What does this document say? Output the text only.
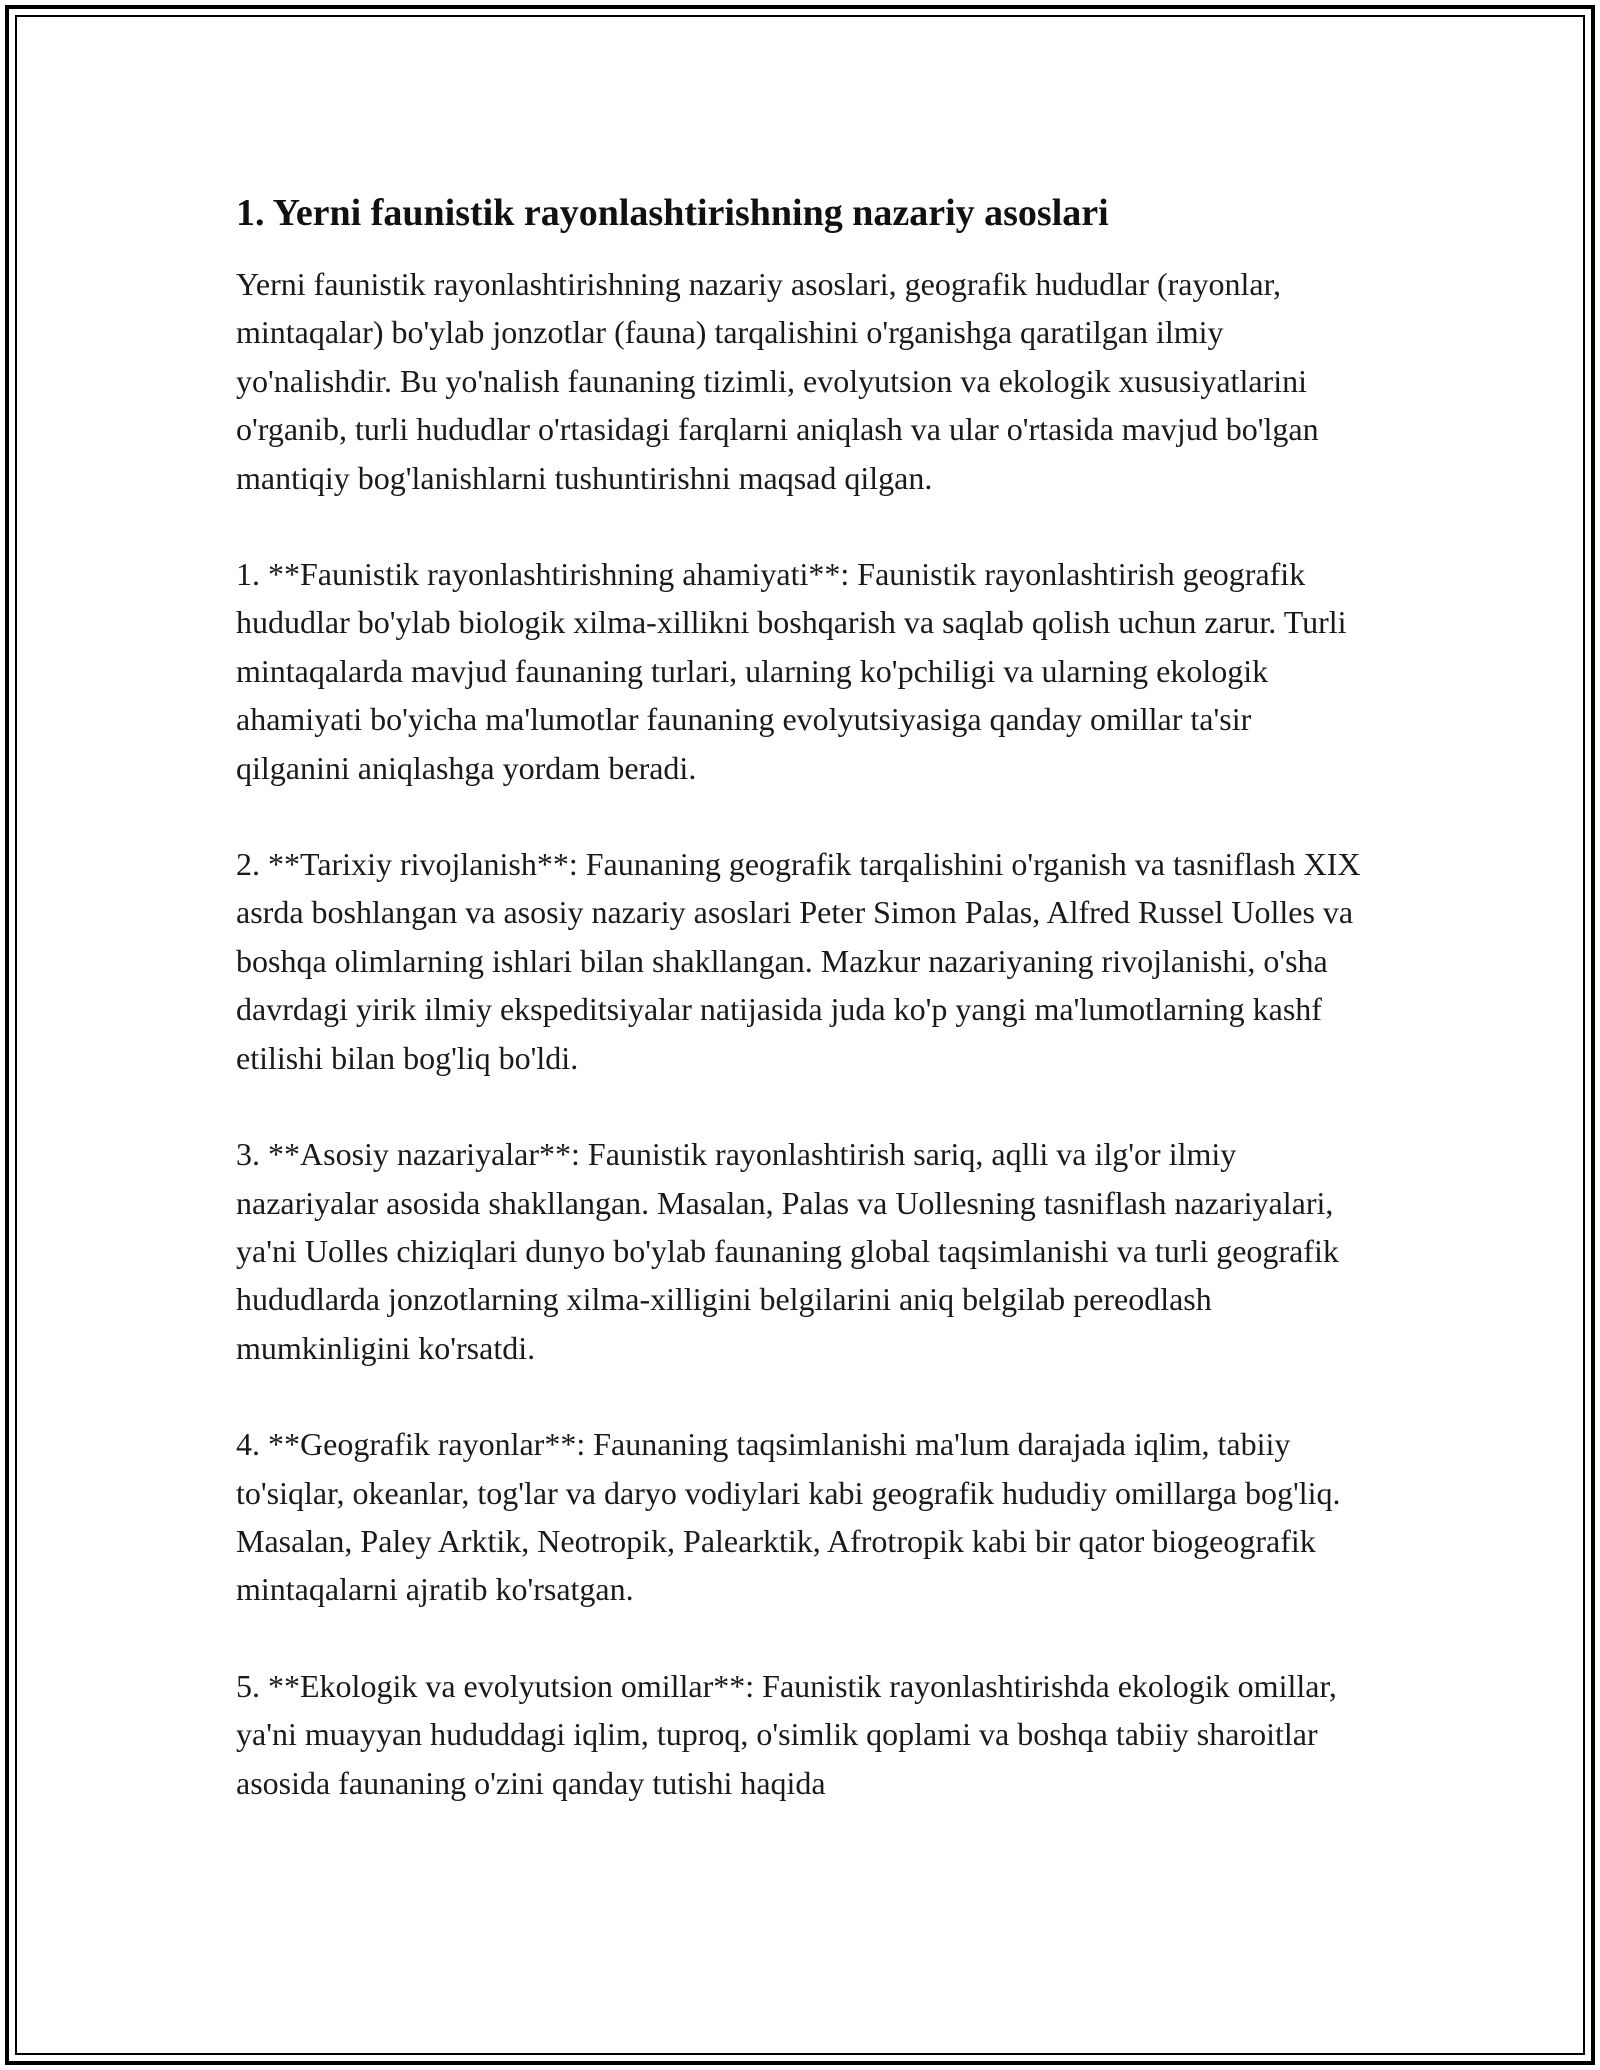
1. Yerni faunistik rayonlashtirishning nazariy asoslari

Yerni faunistik rayonlashtirishning nazariy asoslari, geografik hududlar (rayonlar, mintaqalar) bo'ylab jonzotlar (fauna) tarqalishini o'rganishga qaratilgan ilmiy yo'nalishdir. Bu yo'nalish faunaning tizimli, evolyutsion va ekologik xususiyatlarini o'rganib, turli hududlar o'rtasidagi farqlarni aniqlash va ular o'rtasida mavjud bo'lgan mantiqiy bog'lanishlarni tushuntirishni maqsad qilgan.

1. **Faunistik rayonlashtirishning ahamiyati**: Faunistik rayonlashtirish geografik hududlar bo'ylab biologik xilma-xillikni boshqarish va saqlab qolish uchun zarur. Turli mintaqalarda mavjud faunaning turlari, ularning ko'pchiligi va ularning ekologik ahamiyati bo'yicha ma'lumotlar faunaning evolyutsiyasiga qanday omillar ta'sir qilganini aniqlashga yordam beradi.

2. **Tarixiy rivojlanish**: Faunaning geografik tarqalishini o'rganish va tasniflash XIX asrda boshlangan va asosiy nazariy asoslari Peter Simon Palas, Alfred Russel Uolles va boshqa olimlarning ishlari bilan shakllangan. Mazkur nazariyaning rivojlanishi, o'sha davrdagi yirik ilmiy ekspeditsiyalar natijasida juda ko'p yangi ma'lumotlarning kashf etilishi bilan bog'liq bo'ldi.

3. **Asosiy nazariyalar**: Faunistik rayonlashtirish sariq, aqlli va ilg'or ilmiy nazariyalar asosida shakllangan. Masalan, Palas va Uollesning tasniflash nazariyalari, ya'ni Uolles chiziqlari dunyo bo'ylab faunaning global taqsimlanishi va turli geografik hududlarda jonzotlarning xilma-xilligini belgilarini aniq belgilab pereodlash mumkinligini ko'rsatdi.

4. **Geografik rayonlar**: Faunaning taqsimlanishi ma'lum darajada iqlim, tabiiy to'siqlar, okeanlar, tog'lar va daryo vodiylari kabi geografik hududiy omillarga bog'liq. Masalan, Paley Arktik, Neotropik, Palearktik, Afrotropik kabi bir qator biogeografik mintaqalarni ajratib ko'rsatgan.

5. **Ekologik va evolyutsion omillar**: Faunistik rayonlashtirishda ekologik omillar, ya'ni muayyan hududdagi iqlim, tuproq, o'simlik qoplami va boshqa tabiiy sharoitlar asosida faunaning o'zini qanday tutishi haqida
